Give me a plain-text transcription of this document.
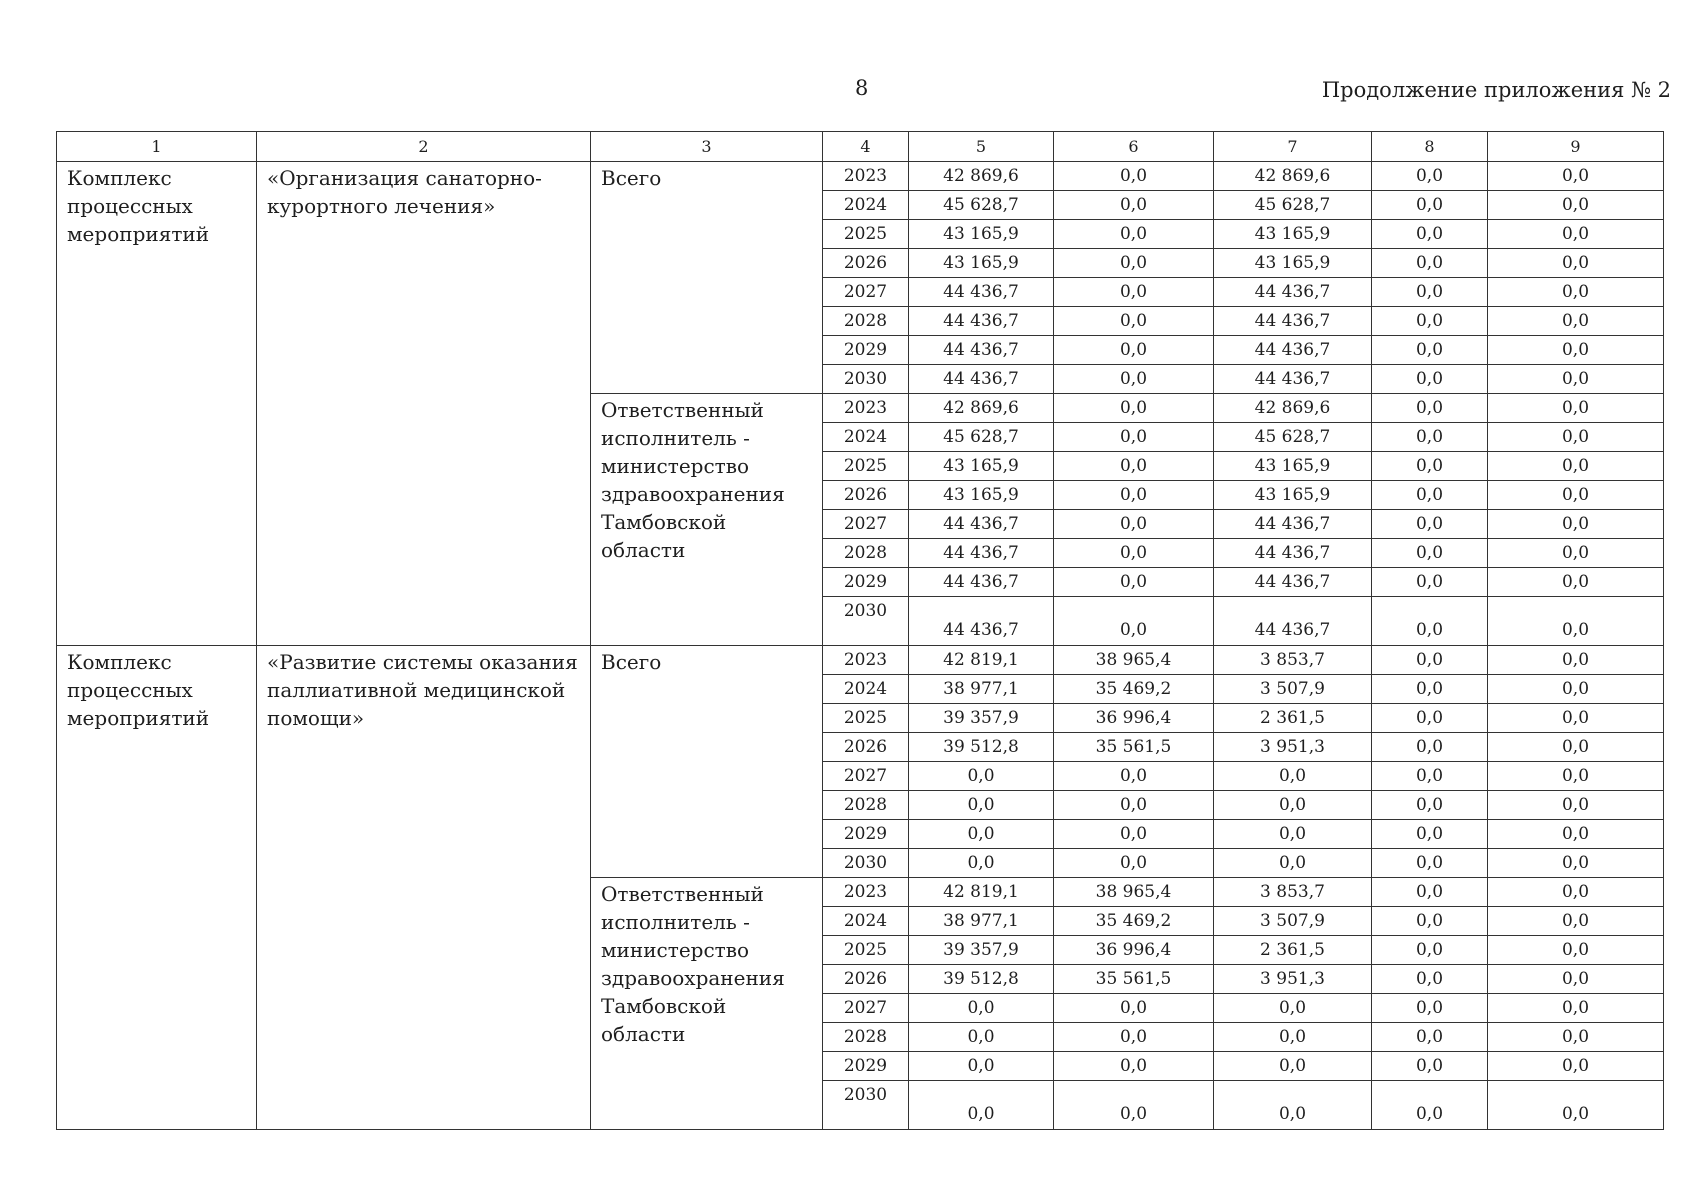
8	Продолжение приложения № 2
1	2	3	4	5	6	7	8	9
Комплекс процессных мероприятий	«Организация санаторно-курортного лечения»	Всего	2023	42 869,6	0,0	42 869,6	0,0	0,0
			2024	45 628,7	0,0	45 628,7	0,0	0,0
			2025	43 165,9	0,0	43 165,9	0,0	0,0
			2026	43 165,9	0,0	43 165,9	0,0	0,0
			2027	44 436,7	0,0	44 436,7	0,0	0,0
			2028	44 436,7	0,0	44 436,7	0,0	0,0
			2029	44 436,7	0,0	44 436,7	0,0	0,0
			2030	44 436,7	0,0	44 436,7	0,0	0,0
		Ответственный исполнитель - министерство здравоохранения Тамбовской области	2023	42 869,6	0,0	42 869,6	0,0	0,0
			2024	45 628,7	0,0	45 628,7	0,0	0,0
			2025	43 165,9	0,0	43 165,9	0,0	0,0
			2026	43 165,9	0,0	43 165,9	0,0	0,0
			2027	44 436,7	0,0	44 436,7	0,0	0,0
			2028	44 436,7	0,0	44 436,7	0,0	0,0
			2029	44 436,7	0,0	44 436,7	0,0	0,0
			2030	44 436,7	0,0	44 436,7	0,0	0,0
Комплекс процессных мероприятий	«Развитие системы оказания паллиативной медицинской помощи»	Всего	2023	42 819,1	38 965,4	3 853,7	0,0	0,0
			2024	38 977,1	35 469,2	3 507,9	0,0	0,0
			2025	39 357,9	36 996,4	2 361,5	0,0	0,0
			2026	39 512,8	35 561,5	3 951,3	0,0	0,0
			2027	0,0	0,0	0,0	0,0	0,0
			2028	0,0	0,0	0,0	0,0	0,0
			2029	0,0	0,0	0,0	0,0	0,0
			2030	0,0	0,0	0,0	0,0	0,0
		Ответственный исполнитель - министерство здравоохранения Тамбовской области	2023	42 819,1	38 965,4	3 853,7	0,0	0,0
			2024	38 977,1	35 469,2	3 507,9	0,0	0,0
			2025	39 357,9	36 996,4	2 361,5	0,0	0,0
			2026	39 512,8	35 561,5	3 951,3	0,0	0,0
			2027	0,0	0,0	0,0	0,0	0,0
			2028	0,0	0,0	0,0	0,0	0,0
			2029	0,0	0,0	0,0	0,0	0,0
			2030	0,0	0,0	0,0	0,0	0,0
